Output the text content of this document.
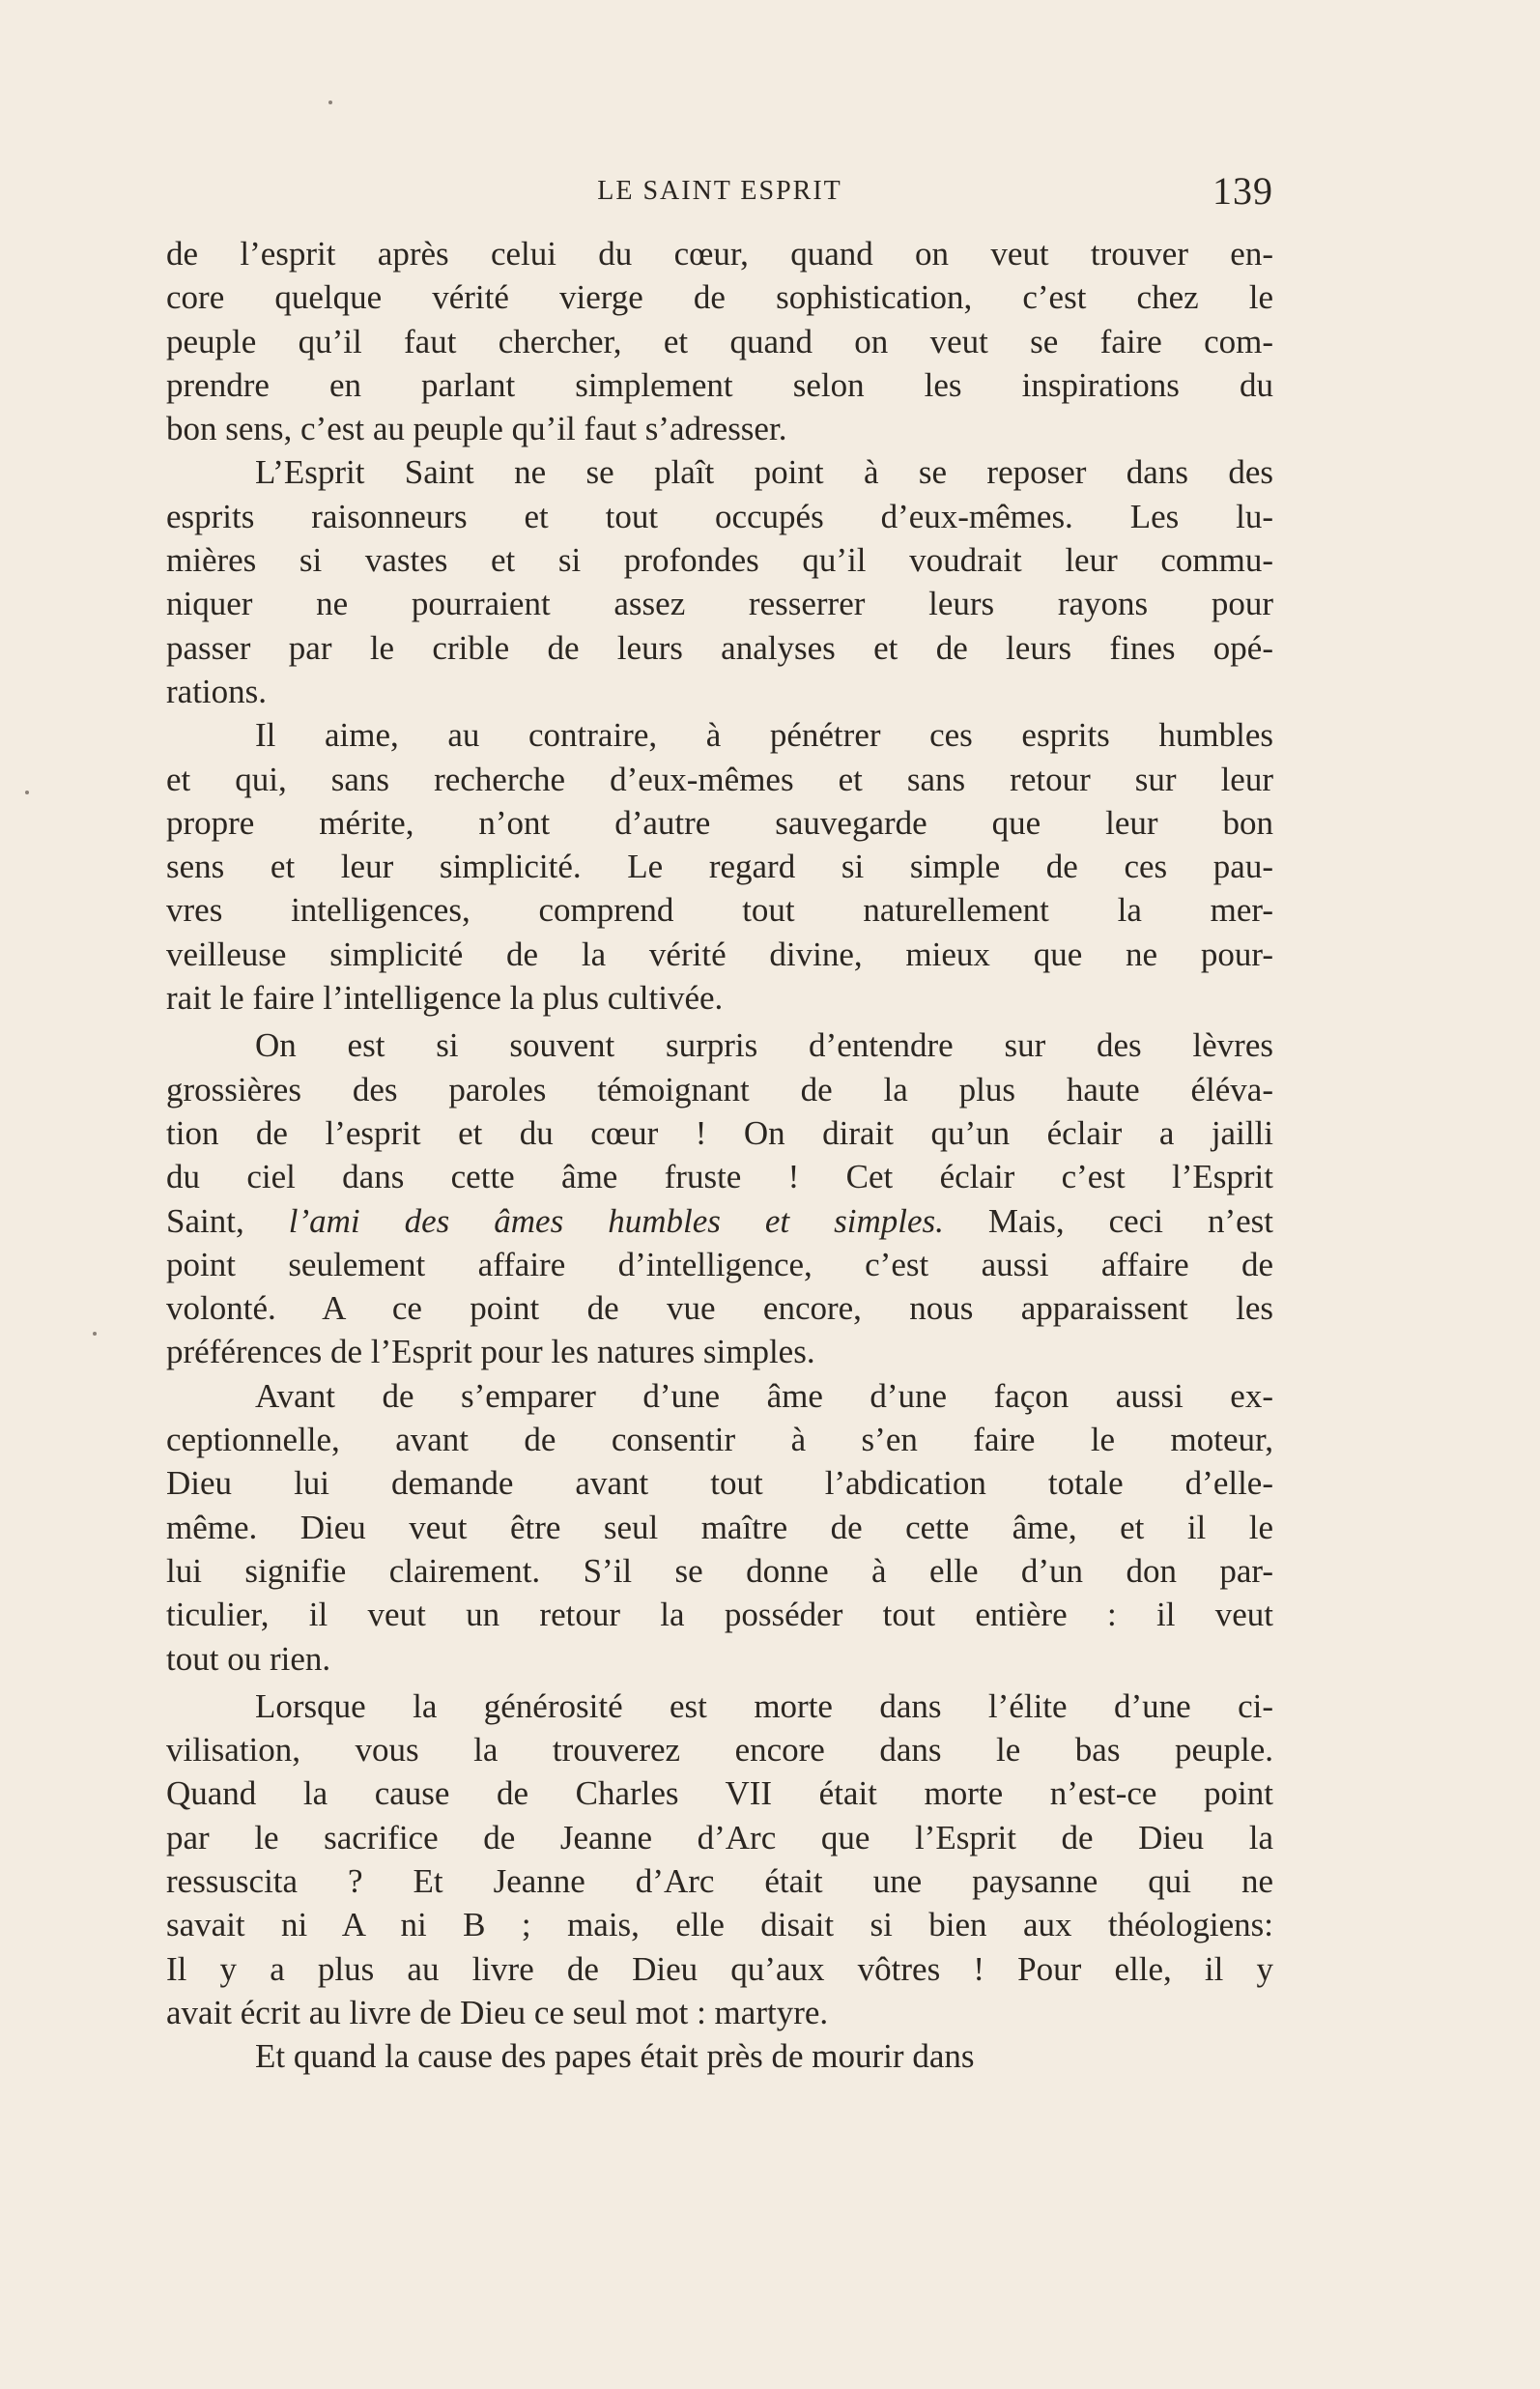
LE SAINT ESPRIT	139
de l’esprit après celui du cœur, quand on veut trouver en-
core quelque vérité vierge de sophistication, c’est chez le
peuple qu’il faut chercher, et quand on veut se faire com-
prendre en parlant simplement selon les inspirations du
bon sens, c’est au peuple qu’il faut s’adresser.
L’Esprit Saint ne se plaît point à se reposer dans des
esprits raisonneurs et tout occupés d’eux-mêmes. Les lu-
mières si vastes et si profondes qu’il voudrait leur commu-
niquer ne pourraient assez resserrer leurs rayons pour
passer par le crible de leurs analyses et de leurs fines opé-
rations.
Il aime, au contraire, à pénétrer ces esprits humbles
et qui, sans recherche d’eux-mêmes et sans retour sur leur
propre mérite, n’ont d’autre sauvegarde que leur bon
sens et leur simplicité. Le regard si simple de ces pau-
vres intelligences, comprend tout naturellement la mer-
veilleuse simplicité de la vérité divine, mieux que ne pour-
rait le faire l’intelligence la plus cultivée.
On est si souvent surpris d’entendre sur des lèvres
grossières des paroles témoignant de la plus haute éléva-
tion de l’esprit et du cœur ! On dirait qu’un éclair a jailli
du ciel dans cette âme fruste ! Cet éclair c’est l’Esprit
Saint, l’ami des âmes humbles et simples. Mais, ceci n’est
point seulement affaire d’intelligence, c’est aussi affaire de
volonté. A ce point de vue encore, nous apparaissent les
préférences de l’Esprit pour les natures simples.
Avant de s’emparer d’une âme d’une façon aussi ex-
ceptionnelle, avant de consentir à s’en faire le moteur,
Dieu lui demande avant tout l’abdication totale d’elle-
même. Dieu veut être seul maître de cette âme, et il le
lui signifie clairement. S’il se donne à elle d’un don par-
ticulier, il veut un retour la posséder tout entière : il veut
tout ou rien.
Lorsque la générosité est morte dans l’élite d’une ci-
vilisation, vous la trouverez encore dans le bas peuple.
Quand la cause de Charles VII était morte n’est-ce point
par le sacrifice de Jeanne d’Arc que l’Esprit de Dieu la
ressuscita ? Et Jeanne d’Arc était une paysanne qui ne
savait ni A ni B ; mais, elle disait si bien aux théologiens:
Il y a plus au livre de Dieu qu’aux vôtres ! Pour elle, il y
avait écrit au livre de Dieu ce seul mot : martyre.
Et quand la cause des papes était près de mourir dans
